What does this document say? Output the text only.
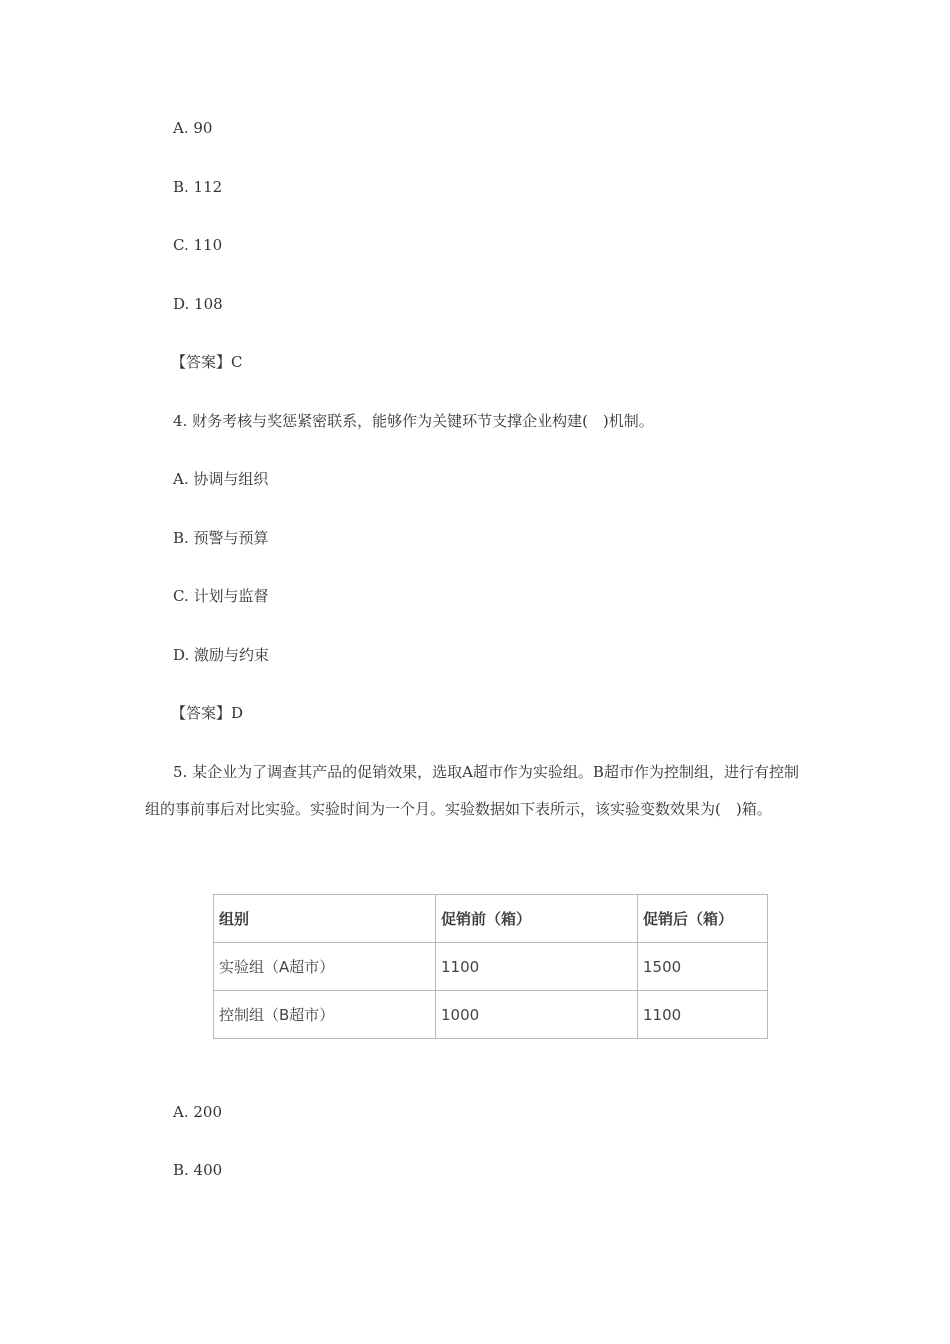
A. 90
B. 112
C. 110
D. 108
【答案】C
4. 财务考核与奖惩紧密联系，能够作为关键环节支撑企业构建(　)机制。
A. 协调与组织
B. 预警与预算
C. 计划与监督
D. 激励与约束
【答案】D
5. 某企业为了调查其产品的促销效果，选取A超市作为实验组。B超市作为控制组，进行有控制组的事前事后对比实验。实验时间为一个月。实验数据如下表所示，该实验变数效果为(　)箱。
组别	促销前（箱）	促销后（箱）
实验组（A超市）	1100	1500
控制组（B超市）	1000	1100
A. 200
B. 400
